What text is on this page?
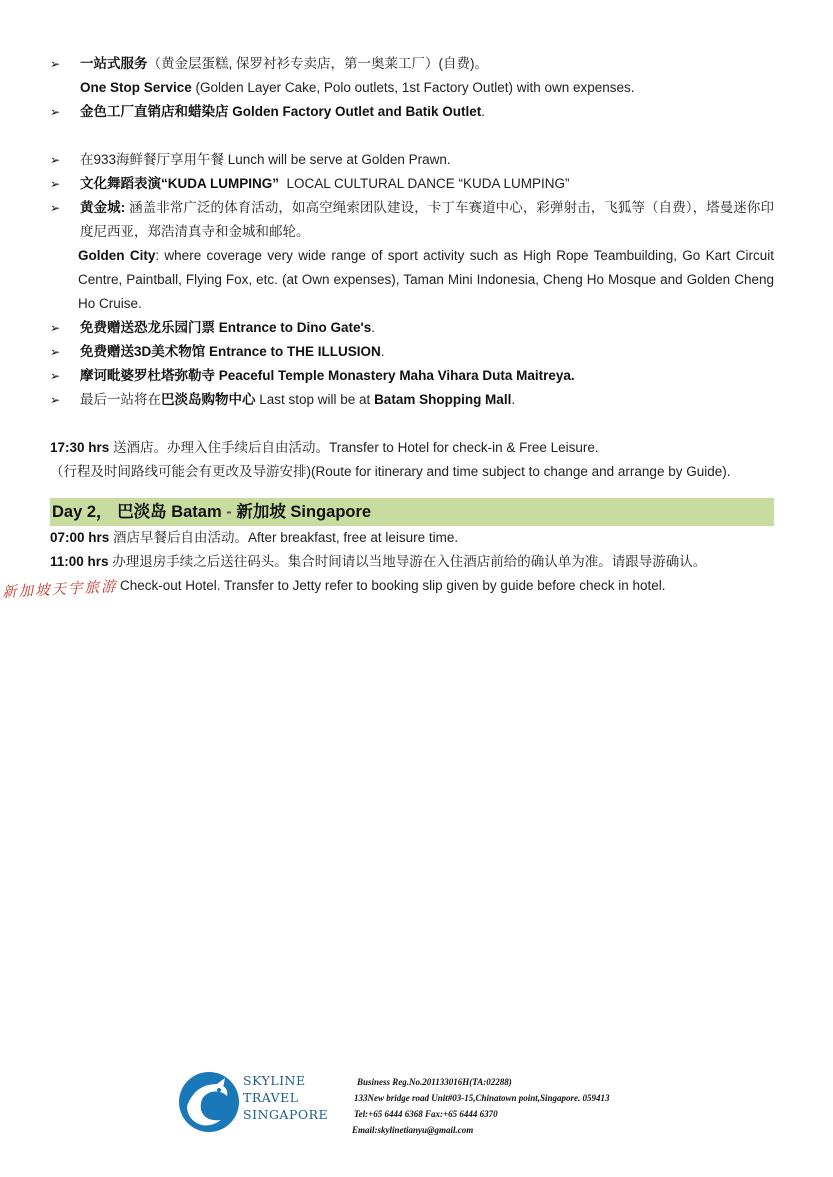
➢	一站式服务（黄金层蛋糕, 保罗衬衫专卖店，第一奥莱工厂）(自费)。
One Stop Service (Golden Layer Cake, Polo outlets, 1st Factory Outlet) with own expenses.
➢	金色工厂直销店和蜡染店 Golden Factory Outlet and Batik Outlet.
➢	在933海鲜餐厅享用午餐 Lunch will be serve at Golden Prawn.
➢	文化舞蹈表演“KUDA LUMPING”  LOCAL CULTURAL DANCE “KUDA LUMPING”
➢	黄金城: 涵盖非常广泛的体育活动，如高空绳索团队建设，卡丁车赛道中心，彩弹射击，飞狐等（自费），塔曼迷你印度尼西亚，郑浩清真寺和金城和邮轮。
Golden City: where coverage very wide range of sport activity such as High Rope Teambuilding, Go Kart Circuit Centre, Paintball, Flying Fox, etc. (at Own expenses), Taman Mini Indonesia, Cheng Ho Mosque and Golden Cheng Ho Cruise.
➢	免费赠送恐龙乐园门票 Entrance to Dino Gate's.
➢	免费赠送3D美术物馆 Entrance to THE ILLUSION.
➢	摩诃毗婆罗杜塔弥勒寺 Peaceful Temple Monastery Maha Vihara Duta Maitreya.
➢	最后一站将在巴淡岛购物中心 Last stop will be at Batam Shopping Mall.
17:30 hrs 送酒店。办理入住手续后自由活动。Transfer to Hotel for check-in & Free Leisure.
（行程及时间路线可能会有更改及导游安排)(Route for itinerary and time subject to change and arrange by Guide).
Day 2， 巴淡岛 Batam - 新加坡 Singapore
07:00 hrs 酒店早餐后自由活动。After breakfast, free at leisure time.
11:00 hrs 办理退房手续之后送往码头。集合时间请以当地导游在入住酒店前给的确认单为准。请跟导游确认。
Check-out Hotel. Transfer to Jetty refer to booking slip given by guide before check in hotel.
新加坡天宇旅游
SKYLINE
TRAVEL
SINGAPORE
Business Reg.No.201133016H(TA:02288)
133New bridge road Unit#03-15,Chinatown point,Singapore. 059413
Tel:+65 6444 6368 Fax:+65 6444 6370
Email:skylinetianyu@gmail.com
